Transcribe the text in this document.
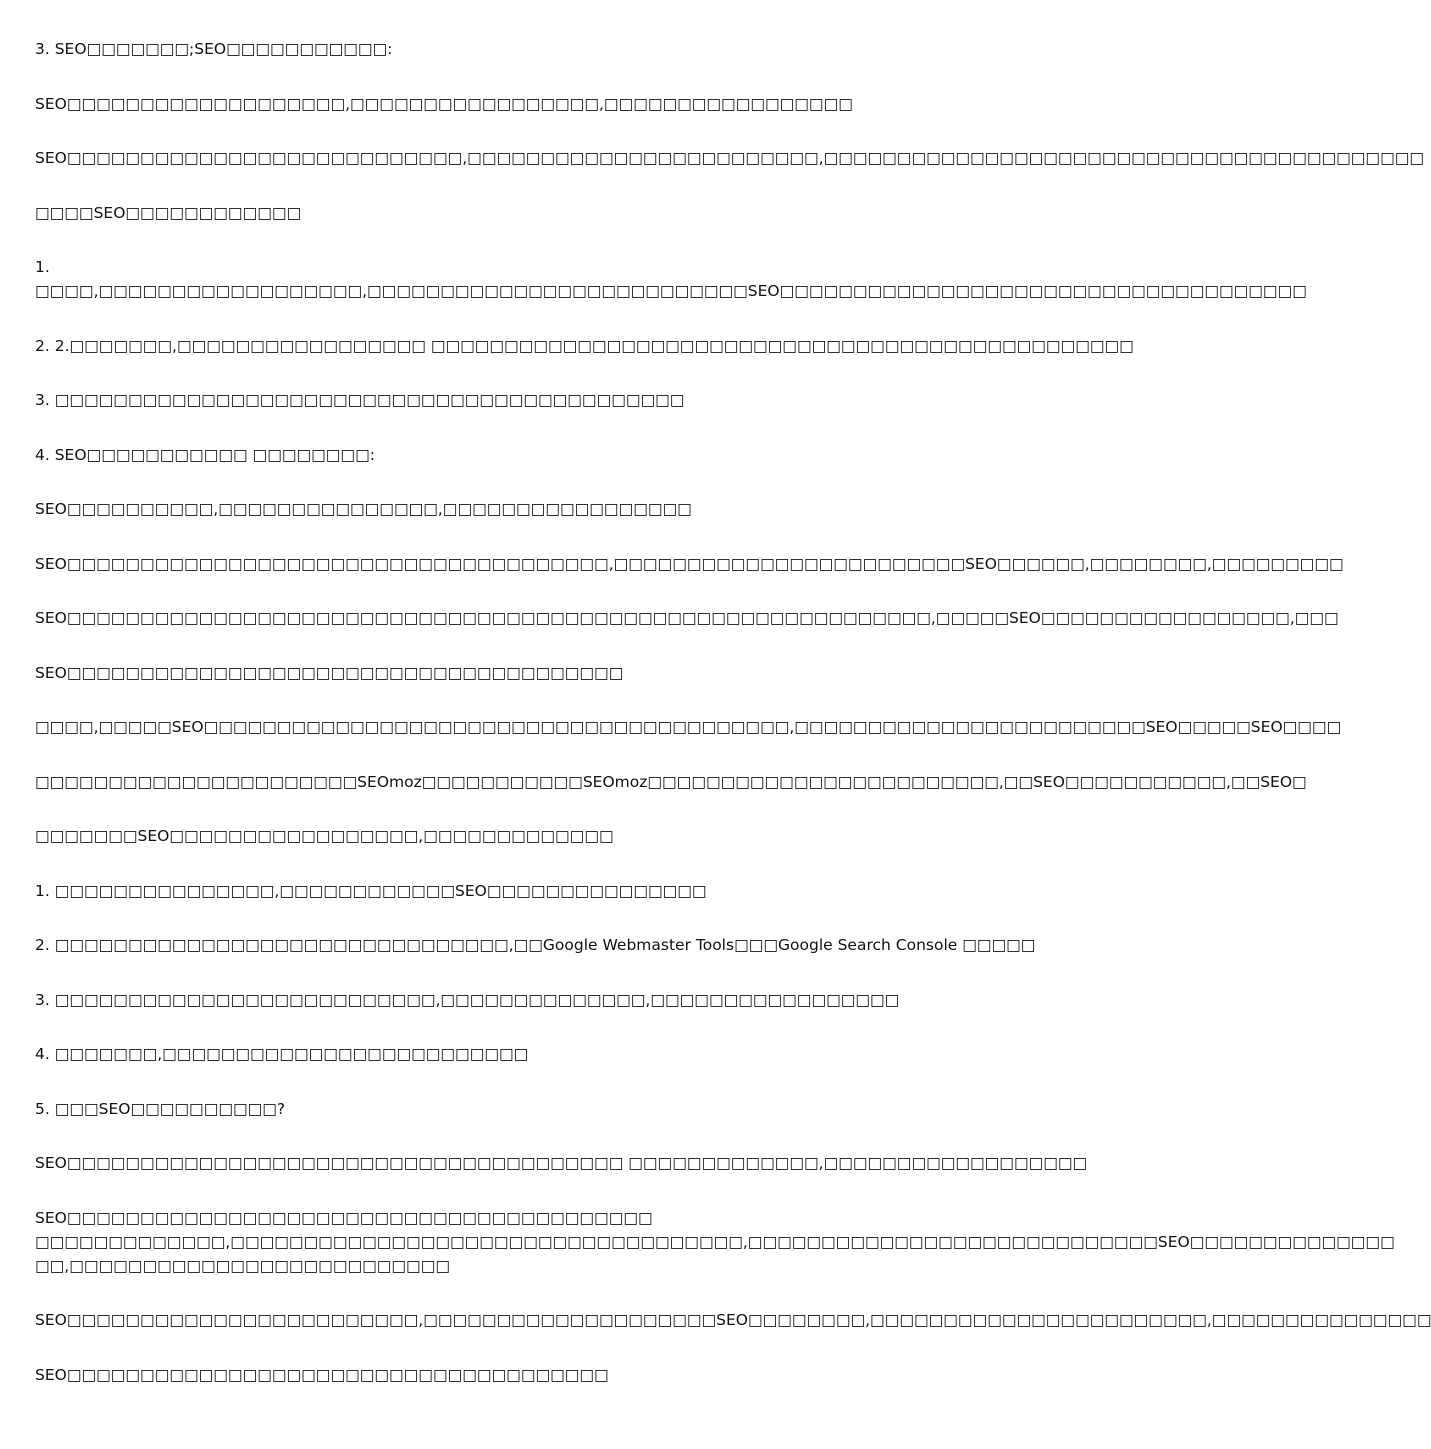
3. SEO□□□□□□□;SEO□□□□□□□□□□□:
SEO□□□□□□□□□□□□□□□□□□□,□□□□□□□□□□□□□□□□□,□□□□□□□□□□□□□□□□□
SEO□□□□□□□□□□□□□□□□□□□□□□□□□□□,□□□□□□□□□□□□□□□□□□□□□□□□,□□□□□□□□□□□□□□□□□□□□□□□□□□□□□□□□□□□□□□□□□
□□□□SEO□□□□□□□□□□□□
1.
□□□□,□□□□□□□□□□□□□□□□□□,□□□□□□□□□□□□□□□□□□□□□□□□□□SEO□□□□□□□□□□□□□□□□□□□□□□□□□□□□□□□□□□□□
2. 2.□□□□□□□,□□□□□□□□□□□□□□□□□ □□□□□□□□□□□□□□□□□□□□□□□□□□□□□□□□□□□□□□□□□□□□□□□□
3. □□□□□□□□□□□□□□□□□□□□□□□□□□□□□□□□□□□□□□□□□□□
4. SEO□□□□□□□□□□□ □□□□□□□□:
SEO□□□□□□□□□□,□□□□□□□□□□□□□□□,□□□□□□□□□□□□□□□□□
SEO□□□□□□□□□□□□□□□□□□□□□□□□□□□□□□□□□□□□□,□□□□□□□□□□□□□□□□□□□□□□□□SEO□□□□□□,□□□□□□□□,□□□□□□□□□
SEO□□□□□□□□□□□□□□□□□□□□□□□□□□□□□□□□□□□□□□□□□□□□□□□□□□□□□□□□□□□,□□□□□SEO□□□□□□□□□□□□□□□□□,□□□
SEO□□□□□□□□□□□□□□□□□□□□□□□□□□□□□□□□□□□□□□
□□□□,□□□□□SEO□□□□□□□□□□□□□□□□□□□□□□□□□□□□□□□□□□□□□□□□,□□□□□□□□□□□□□□□□□□□□□□□□SEO□□□□□SEO□□□□
□□□□□□□□□□□□□□□□□□□□□□SEOmoz□□□□□□□□□□□SEOmoz□□□□□□□□□□□□□□□□□□□□□□□□,□□SEO□□□□□□□□□□□,□□SEO□
□□□□□□□SEO□□□□□□□□□□□□□□□□□,□□□□□□□□□□□□□
1. □□□□□□□□□□□□□□□,□□□□□□□□□□□□SEO□□□□□□□□□□□□□□□
2. □□□□□□□□□□□□□□□□□□□□□□□□□□□□□□□,□□Google Webmaster Tools□□□Google Search Console □□□□□
3. □□□□□□□□□□□□□□□□□□□□□□□□□□,□□□□□□□□□□□□□□,□□□□□□□□□□□□□□□□□
4. □□□□□□□,□□□□□□□□□□□□□□□□□□□□□□□□□
5. □□□SEO□□□□□□□□□□?
SEO□□□□□□□□□□□□□□□□□□□□□□□□□□□□□□□□□□□□□□ □□□□□□□□□□□□□,□□□□□□□□□□□□□□□□□□
SEO□□□□□□□□□□□□□□□□□□□□□□□□□□□□□□□□□□□□□□□□
□□□□□□□□□□□□□,□□□□□□□□□□□□□□□□□□□□□□□□□□□□□□□□□□□,□□□□□□□□□□□□□□□□□□□□□□□□□□□□SEO□□□□□□□□□□□□□□
□□,□□□□□□□□□□□□□□□□□□□□□□□□□□
SEO□□□□□□□□□□□□□□□□□□□□□□□□,□□□□□□□□□□□□□□□□□□□□SEO□□□□□□□□,□□□□□□□□□□□□□□□□□□□□□□□,□□□□□□□□□□□□□□□
SEO□□□□□□□□□□□□□□□□□□□□□□□□□□□□□□□□□□□□□
